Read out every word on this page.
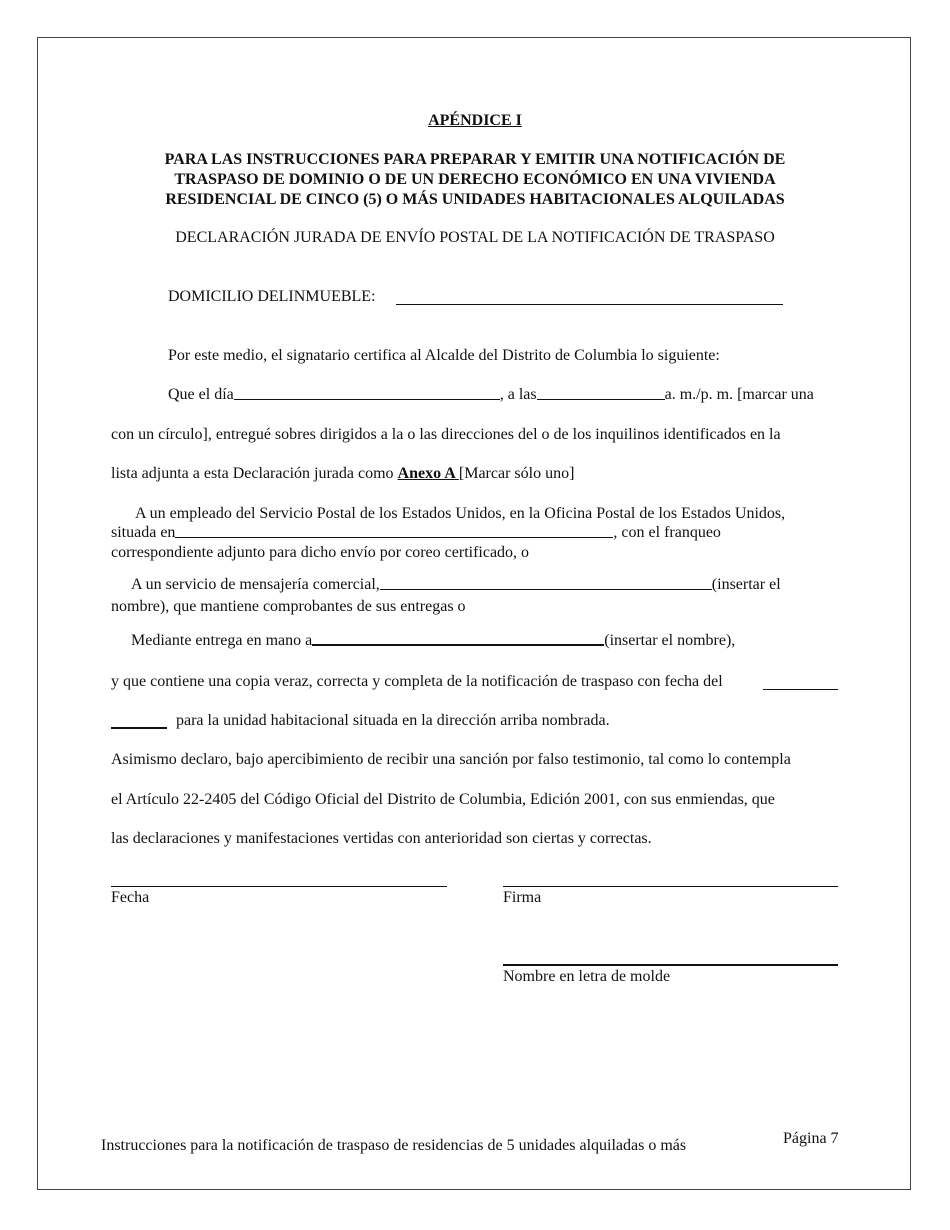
APÉNDICE I
PARA LAS INSTRUCCIONES PARA PREPARAR Y EMITIR UNA NOTIFICACIÓN DE
TRASPASO DE DOMINIO O DE UN DERECHO ECONÓMICO EN UNA VIVIENDA
RESIDENCIAL DE CINCO (5) O MÁS UNIDADES HABITACIONALES ALQUILADAS
DECLARACIÓN JURADA DE ENVÍO POSTAL DE LA NOTIFICACIÓN DE TRASPASO
DOMICILIO DELINMUEBLE:
Por este medio, el signatario certifica al Alcalde del Distrito de Columbia lo siguiente:
Que el día	, a las	a. m./p. m. [marcar una
con un círculo], entregué sobres dirigidos a la o las direcciones del o de los inquilinos identificados en la
lista adjunta a esta Declaración jurada como Anexo A [Marcar sólo uno]
A un empleado del Servicio Postal de los Estados Unidos, en la Oficina Postal de los Estados Unidos,
situada en	, con el franqueo
correspondiente adjunto para dicho envío por coreo certificado, o
A un servicio de mensajería comercial,	(insertar el
nombre), que mantiene comprobantes de sus entregas o
Mediante entrega en mano a	(insertar el nombre),
y que contiene una copia veraz, correcta y completa de la notificación de traspaso con fecha del
para la unidad habitacional situada en la dirección arriba nombrada.
Asimismo declaro, bajo apercibimiento de recibir una sanción por falso testimonio, tal como lo contempla
el Artículo 22-2405 del Código Oficial del Distrito de Columbia, Edición 2001, con sus enmiendas, que
las declaraciones y manifestaciones vertidas con anterioridad son ciertas y correctas.
Fecha	Firma
Nombre en letra de molde
Instrucciones para la notificación de traspaso de residencias de 5 unidades alquiladas o más	Página 7
